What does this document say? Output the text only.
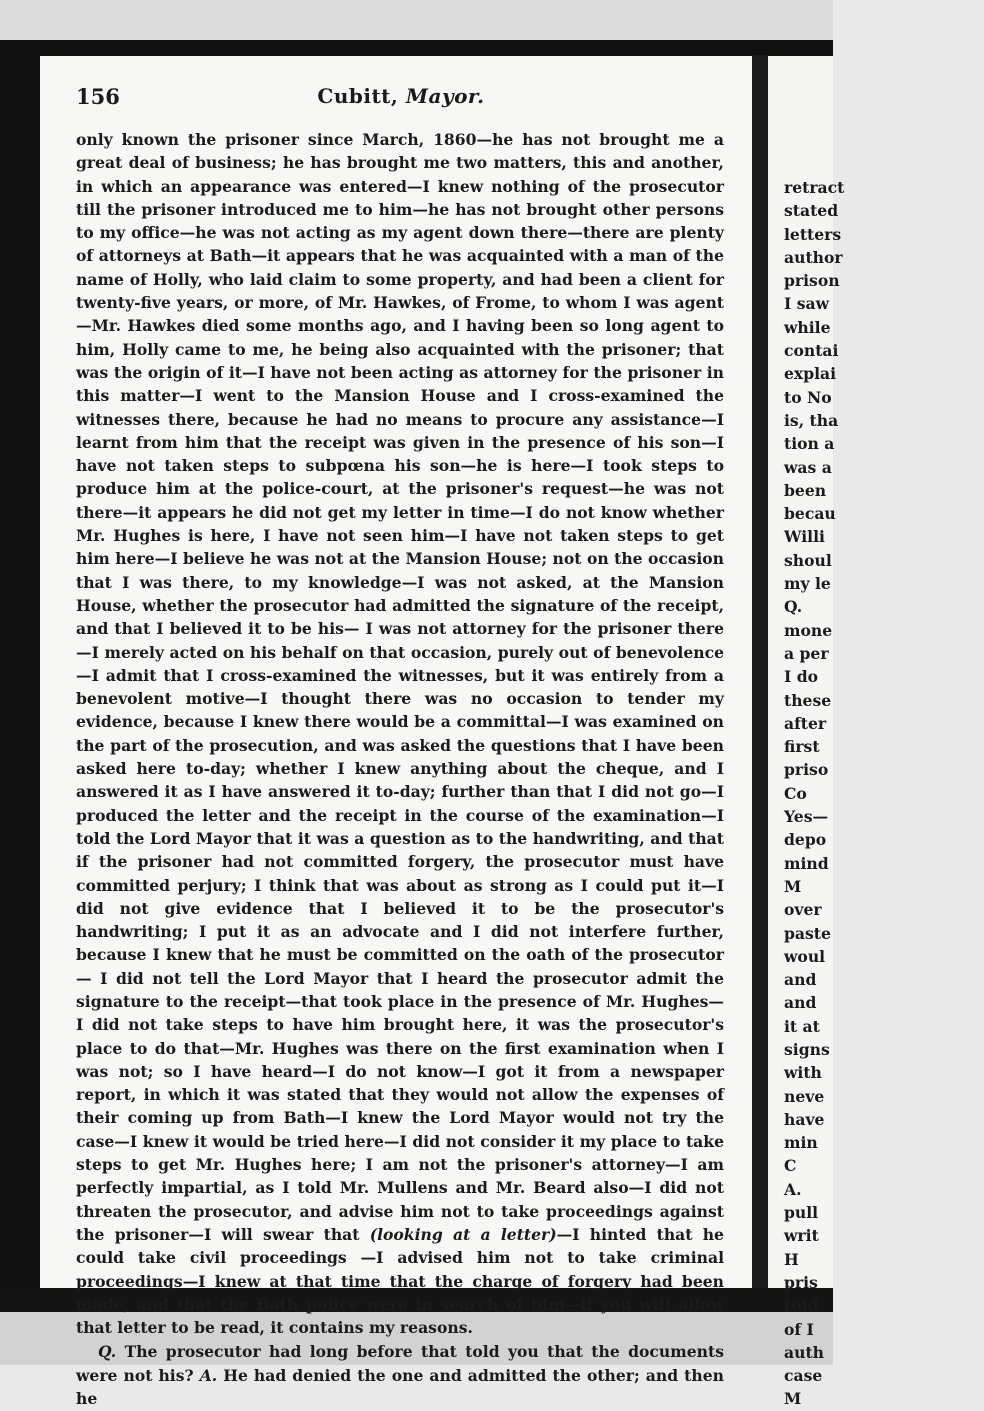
156	Cubitt, Mayor.

only known the prisoner since March, 1860—he has not brought me a great deal of business; he has brought me two matters, this and another, in which an appearance was entered—I knew nothing of the prosecutor till the prisoner introduced me to him—he has not brought other persons to my office—he was not acting as my agent down there—there are plenty of attorneys at Bath—it appears that he was acquainted with a man of the name of Holly, who laid claim to some property, and had been a client for twenty-five years, or more, of Mr. Hawkes, of Frome, to whom I was agent —Mr. Hawkes died some months ago, and I having been so long agent to him, Holly came to me, he being also acquainted with the prisoner; that was the origin of it—I have not been acting as attorney for the prisoner in this matter—I went to the Mansion House and I cross-examined the witnesses there, because he had no means to procure any assistance—I learnt from him that the receipt was given in the presence of his son—I have not taken steps to subpœna his son—he is here—I took steps to produce him at the police-court, at the prisoner's request—he was not there—it appears he did not get my letter in time—I do not know whether Mr. Hughes is here, I have not seen him—I have not taken steps to get him here—I believe he was not at the Mansion House; not on the occasion that I was there, to my knowledge—I was not asked, at the Mansion House, whether the prosecutor had admitted the signature of the receipt, and that I believed it to be his— I was not attorney for the prisoner there—I merely acted on his behalf on that occasion, purely out of benevolence—I admit that I cross-examined the witnesses, but it was entirely from a benevolent motive—I thought there was no occasion to tender my evidence, because I knew there would be a committal—I was examined on the part of the prosecution, and was asked the questions that I have been asked here to-day; whether I knew anything about the cheque, and I answered it as I have answered it to-day; further than that I did not go—I produced the letter and the receipt in the course of the examination—I told the Lord Mayor that it was a question as to the handwriting, and that if the prisoner had not committed forgery, the prosecutor must have committed perjury; I think that was about as strong as I could put it—I did not give evidence that I believed it to be the prosecutor's handwriting; I put it as an advocate and I did not interfere further, because I knew that he must be committed on the oath of the prosecutor— I did not tell the Lord Mayor that I heard the prosecutor admit the signature to the receipt—that took place in the presence of Mr. Hughes—I did not take steps to have him brought here, it was the prosecutor's place to do that—Mr. Hughes was there on the first examination when I was not; so I have heard—I do not know—I got it from a newspaper report, in which it was stated that they would not allow the expenses of their coming up from Bath—I knew the Lord Mayor would not try the case—I knew it would be tried here—I did not consider it my place to take steps to get Mr. Hughes here; I am not the prisoner's attorney—I am perfectly impartial, as I told Mr. Mullens and Mr. Beard also—I did not threaten the prosecutor, and advise him not to take proceedings against the prisoner—I will swear that (looking at a letter)—I hinted that he could take civil proceedings —I advised him not to take criminal proceedings—I knew at that time that the charge of forgery had been made, and that the Bath police were in search of him—if you will allow that letter to be read, it contains my reasons.

Q. The prosecutor had long before that told you that the documents were not his? A. He had denied the one and admitted the other; and then he

retract
stated
letters
author
prison
I saw
while
contai
explai
to No
is, tha
tion a
was a
been
becau
Willi
shoul
my le
Q.
mone
a per
I do
these
after
first
priso
Co
Yes—
depo
mind
M
over
paste
woul
and
and
it at
signs
with
neve
have
min
C
A.
pull
writ
H
pris
told
of I
auth
case
M
